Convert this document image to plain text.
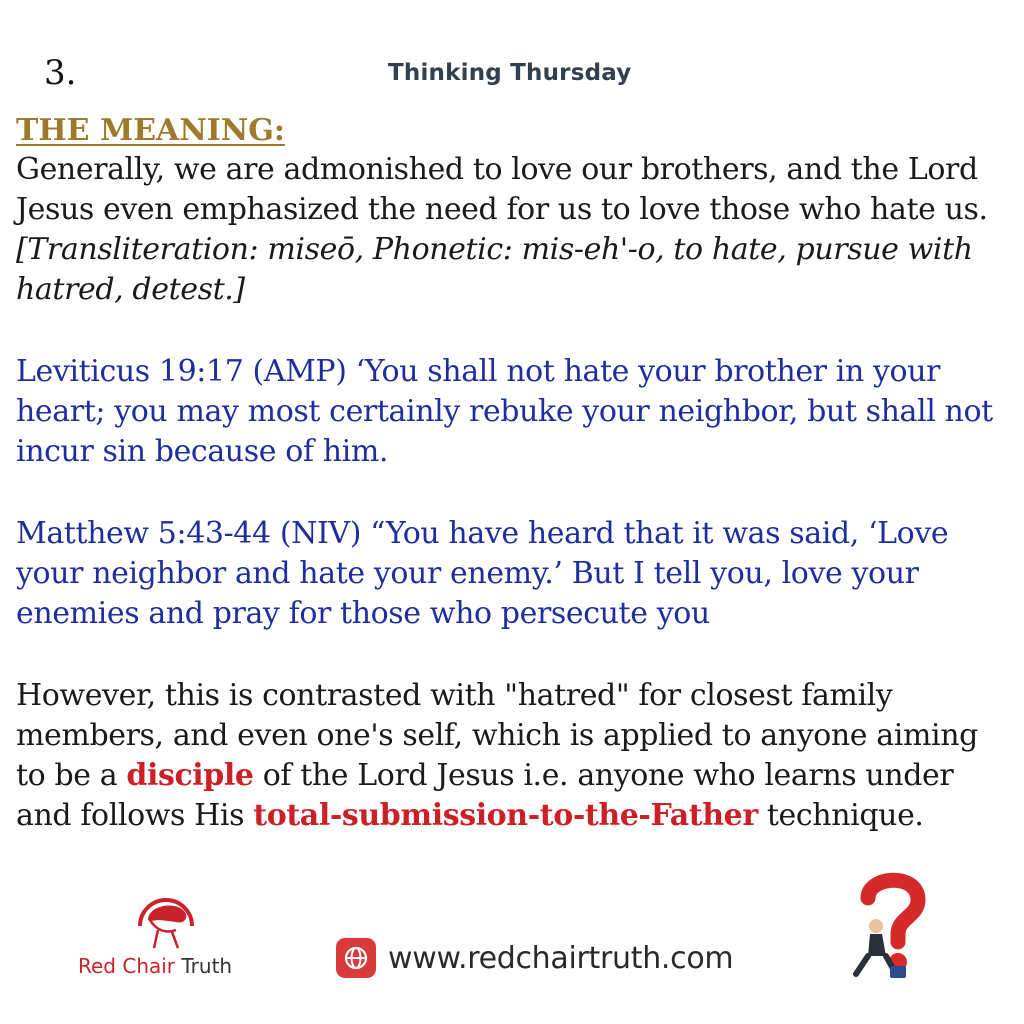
3.	Thinking Thursday
THE MEANING:

Generally, we are admonished to love our brothers, and the Lord Jesus even emphasized the need for us to love those who hate us. [Transliteration: miseō, Phonetic: mis-eh'-o, to hate, pursue with hatred, detest.]

Leviticus 19:17 (AMP) ‘You shall not hate your brother in your heart; you may most certainly rebuke your neighbor, but shall not incur sin because of him.

Matthew 5:43-44 (NIV) “You have heard that it was said, ‘Love your neighbor and hate your enemy.’ But I tell you, love your enemies and pray for those who persecute you

However, this is contrasted with "hatred" for closest family members, and even one's self, which is applied to anyone aiming to be a disciple of the Lord Jesus i.e. anyone who learns under and follows His total-submission-to-the-Father technique.

Red Chair Truth	www.redchairtruth.com
